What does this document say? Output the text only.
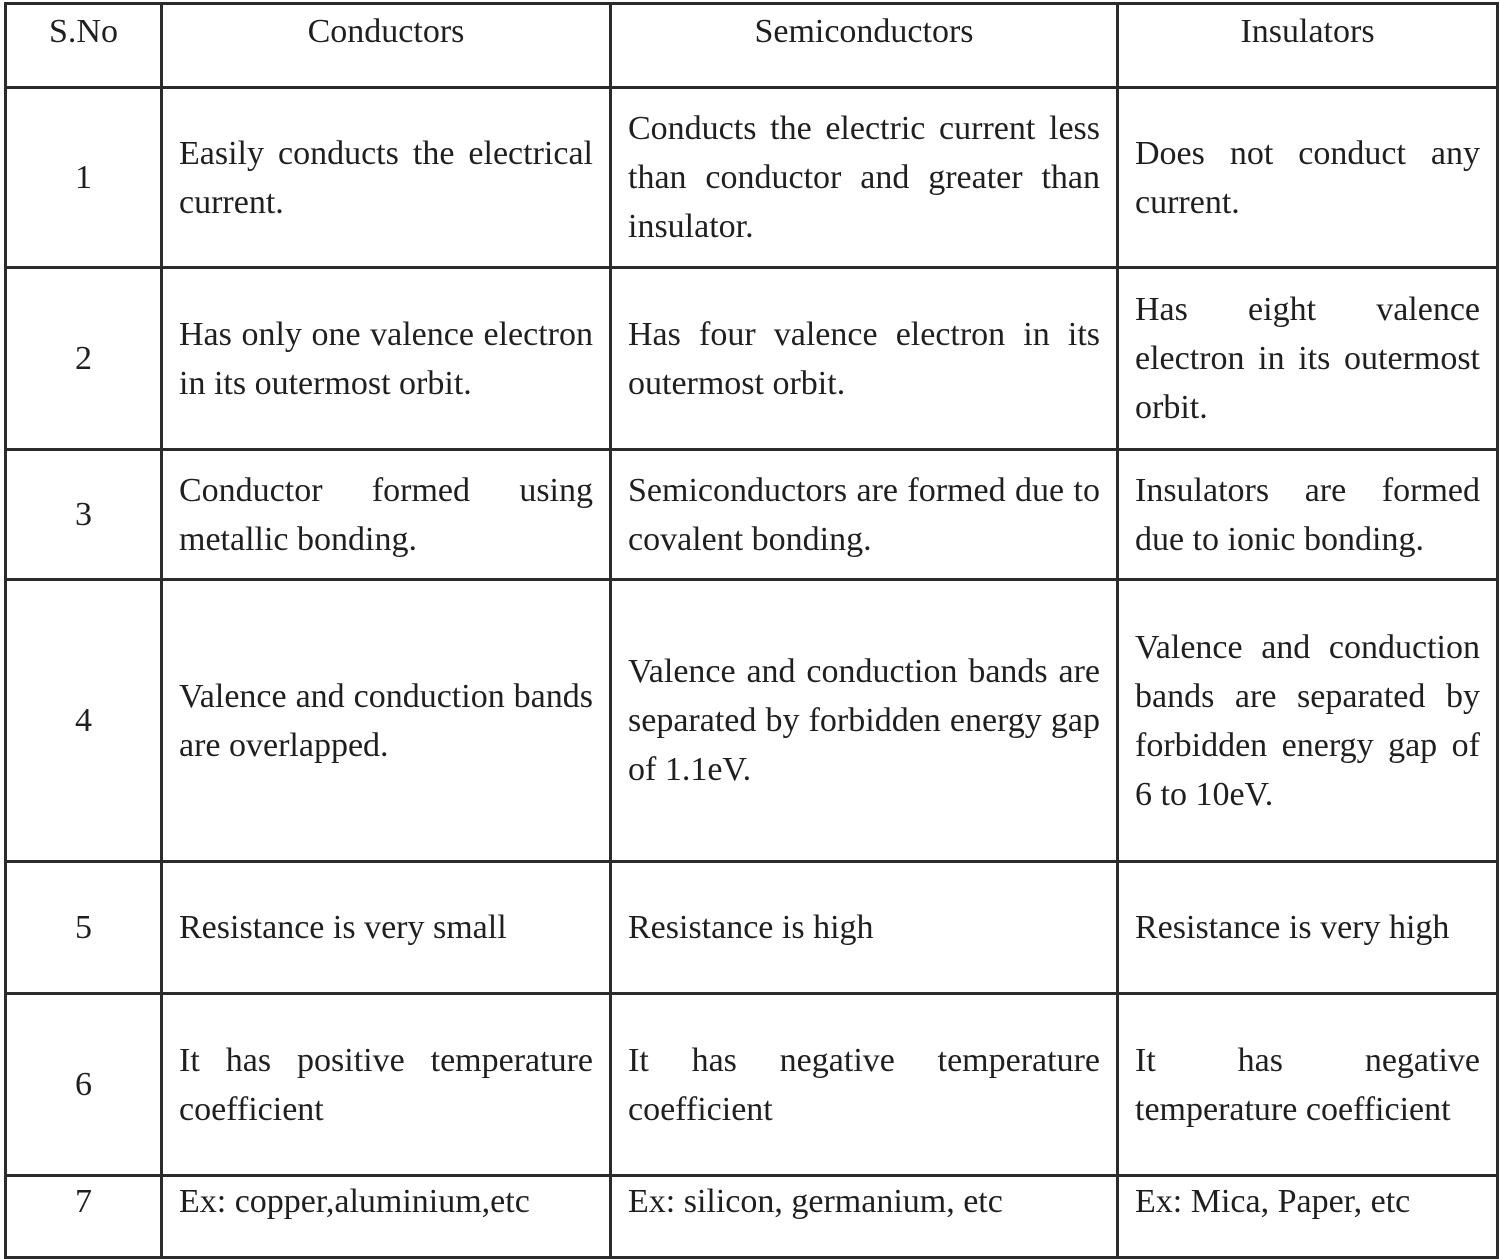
S.No	Conductors	Semiconductors	Insulators
1	Easily conducts the electrical current.	Conducts the electric current less than conductor and greater than insulator.	Does not conduct any current.
2	Has only one valence electron in its outermost orbit.	Has four valence electron in its outermost orbit.	Has eight valence electron in its outermost orbit.
3	Conductor formed using metallic bonding.	Semiconductors are formed due to covalent bonding.	Insulators are formed due to ionic bonding.
4	Valence and conduction bands are overlapped.	Valence and conduction bands are separated by forbidden energy gap of 1.1eV.	Valence and conduction bands are separated by forbidden energy gap of 6 to 10eV.
5	Resistance is very small	Resistance is high	Resistance is very high
6	It has positive temperature coefficient	It has negative temperature coefficient	It has negative temperature coefficient
7	Ex: copper,aluminium,etc	Ex: silicon, germanium, etc	Ex: Mica, Paper, etc
